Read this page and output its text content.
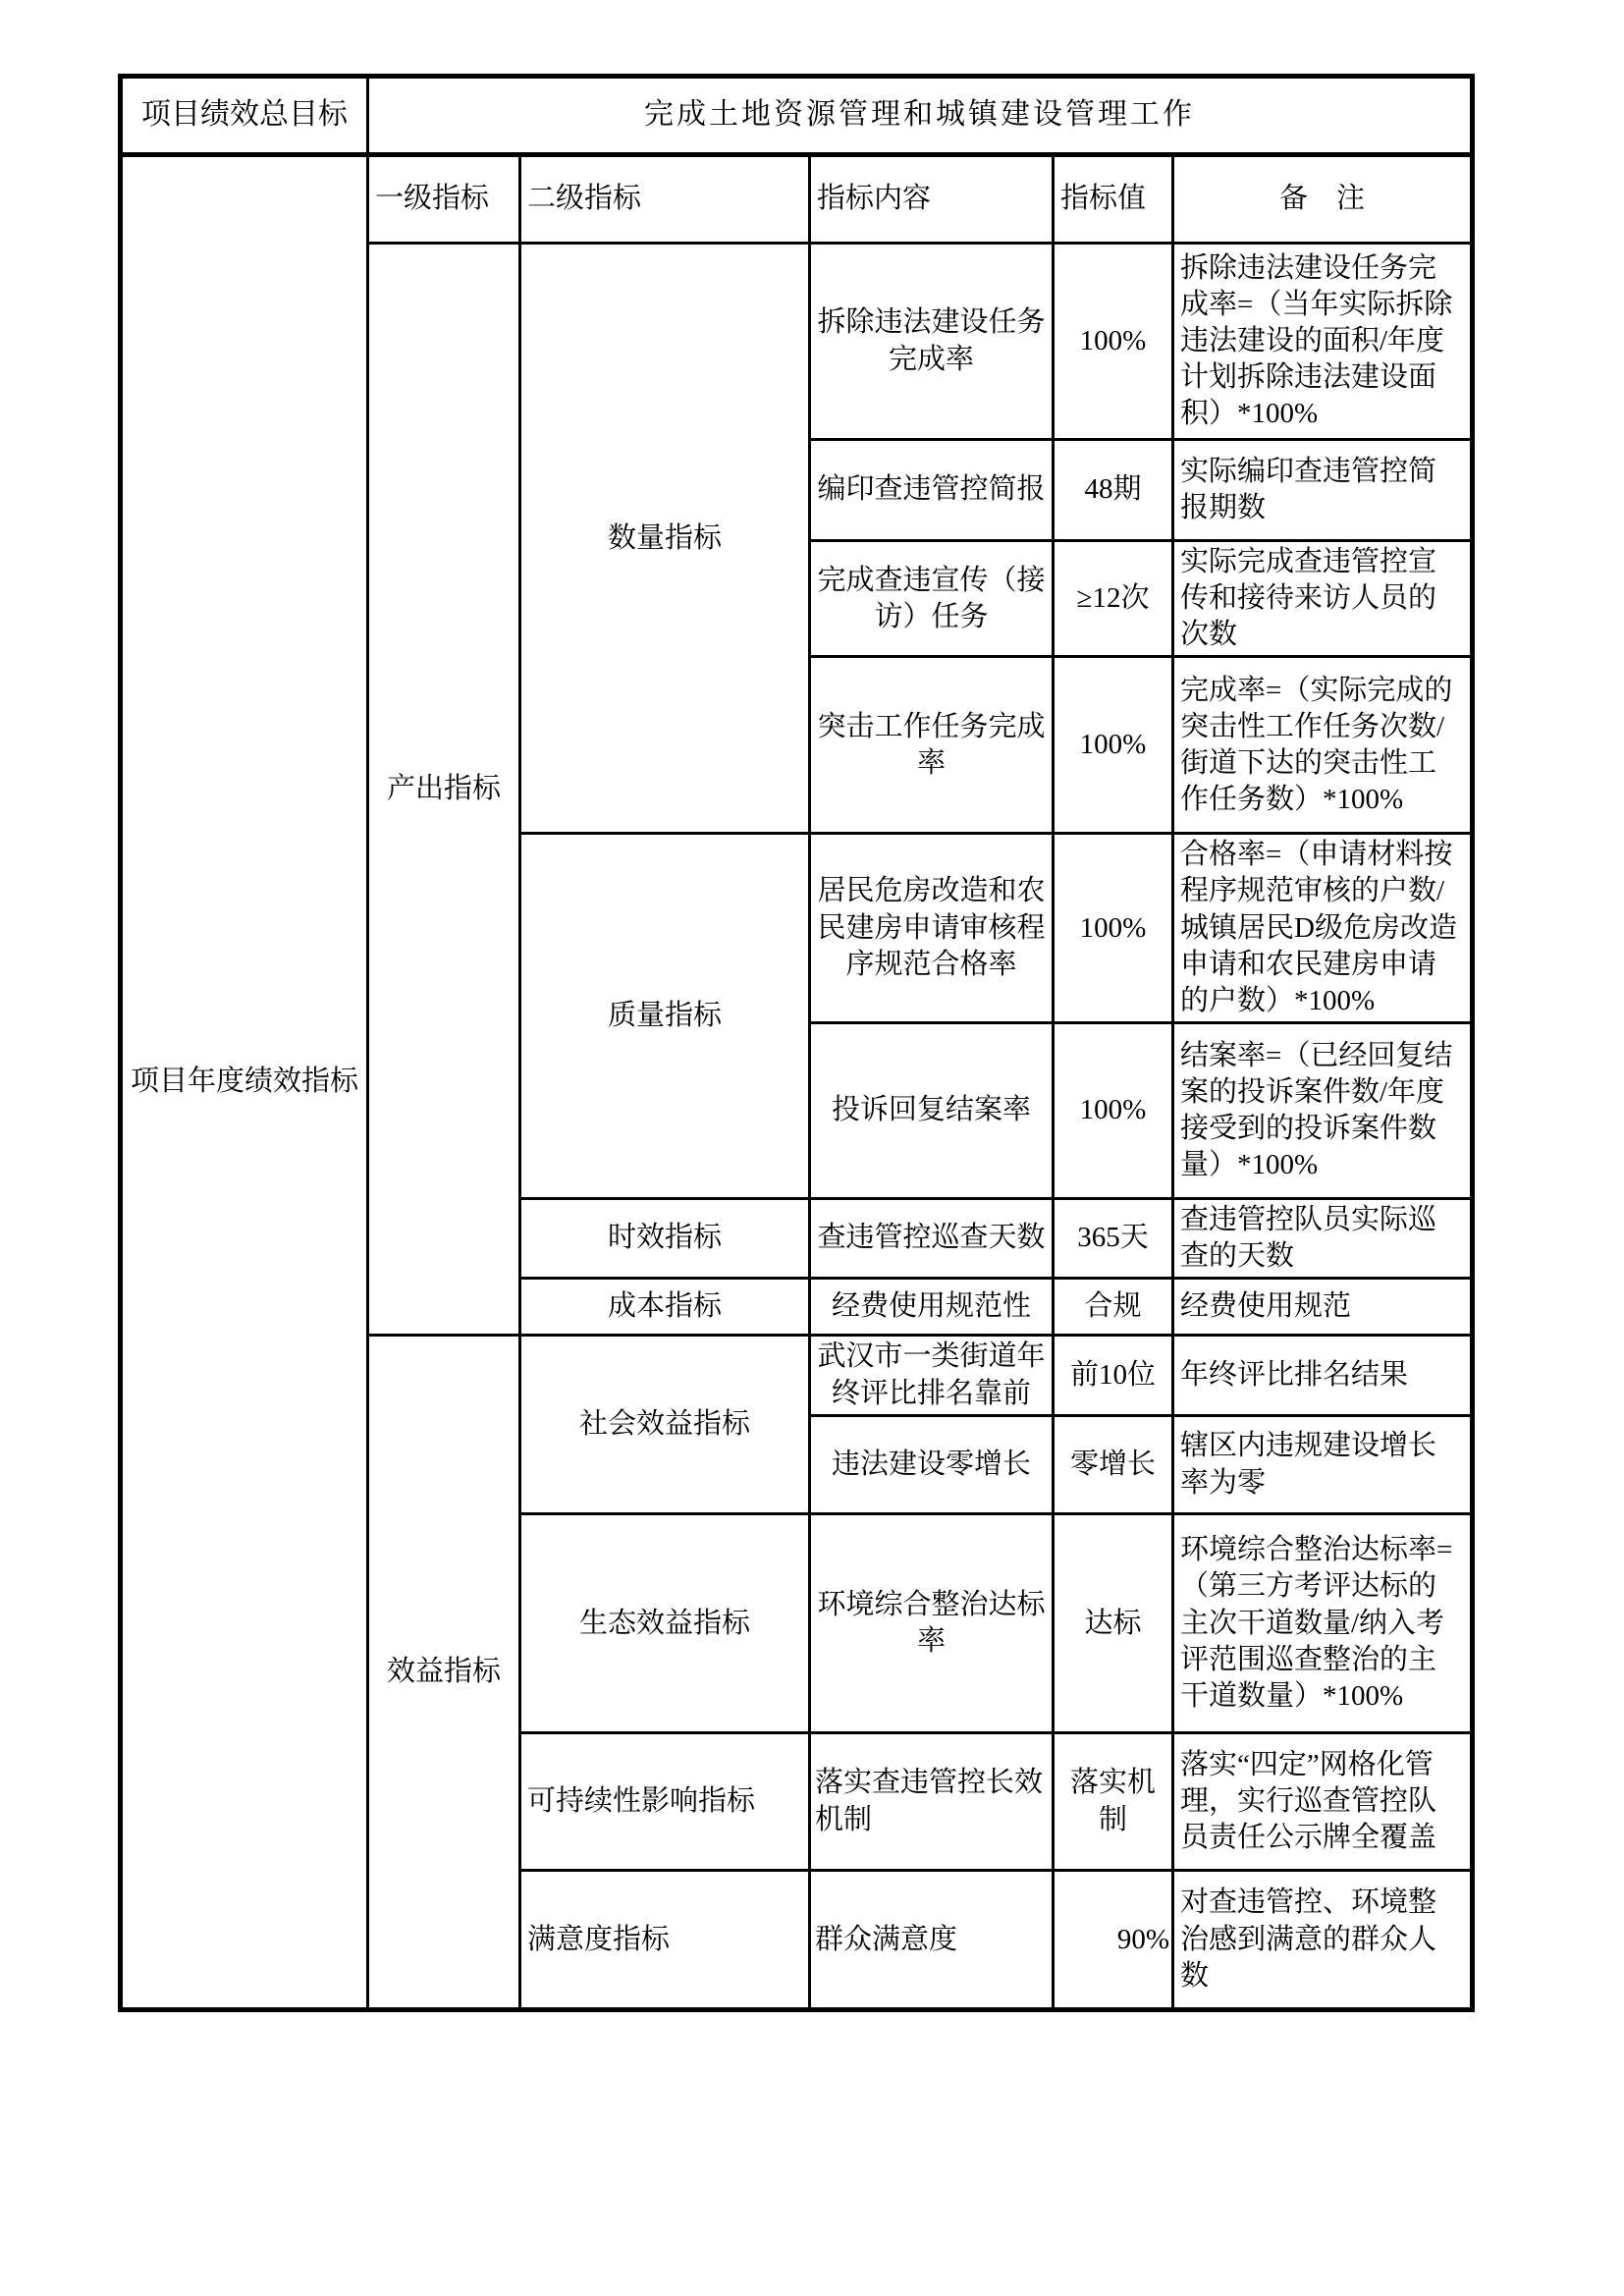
项目绩效总目标	完成土地资源管理和城镇建设管理工作				
项目年度绩效指标	一级指标	二级指标	指标内容	指标值	备　注
	产出指标	数量指标	拆除违法建设任务完成率	100%	拆除违法建设任务完成率=（当年实际拆除违法建设的面积/年度计划拆除违法建设面积）*100%
			编印查违管控简报	48期	实际编印查违管控简报期数
			完成查违宣传（接访）任务	≥12次	实际完成查违管控宣传和接待来访人员的次数
			突击工作任务完成率	100%	完成率=（实际完成的突击性工作任务次数/街道下达的突击性工作任务数）*100%
		质量指标	居民危房改造和农民建房申请审核程序规范合格率	100%	合格率=（申请材料按程序规范审核的户数/城镇居民D级危房改造申请和农民建房申请的户数）*100%
			投诉回复结案率	100%	结案率=（已经回复结案的投诉案件数/年度接受到的投诉案件数量）*100%
		时效指标	查违管控巡查天数	365天	查违管控队员实际巡查的天数
		成本指标	经费使用规范性	合规	经费使用规范
	效益指标	社会效益指标	武汉市一类街道年终评比排名靠前	前10位	年终评比排名结果
			违法建设零增长	零增长	辖区内违规建设增长率为零
		生态效益指标	环境综合整治达标率	达标	环境综合整治达标率=（第三方考评达标的主次干道数量/纳入考评范围巡查整治的主干道数量）*100%
		可持续性影响指标	落实查违管控长效机制	落实机制	落实“四定”网格化管理，实行巡查管控队员责任公示牌全覆盖
		满意度指标	群众满意度	90%	对查违管控、环境整治感到满意的群众人数
